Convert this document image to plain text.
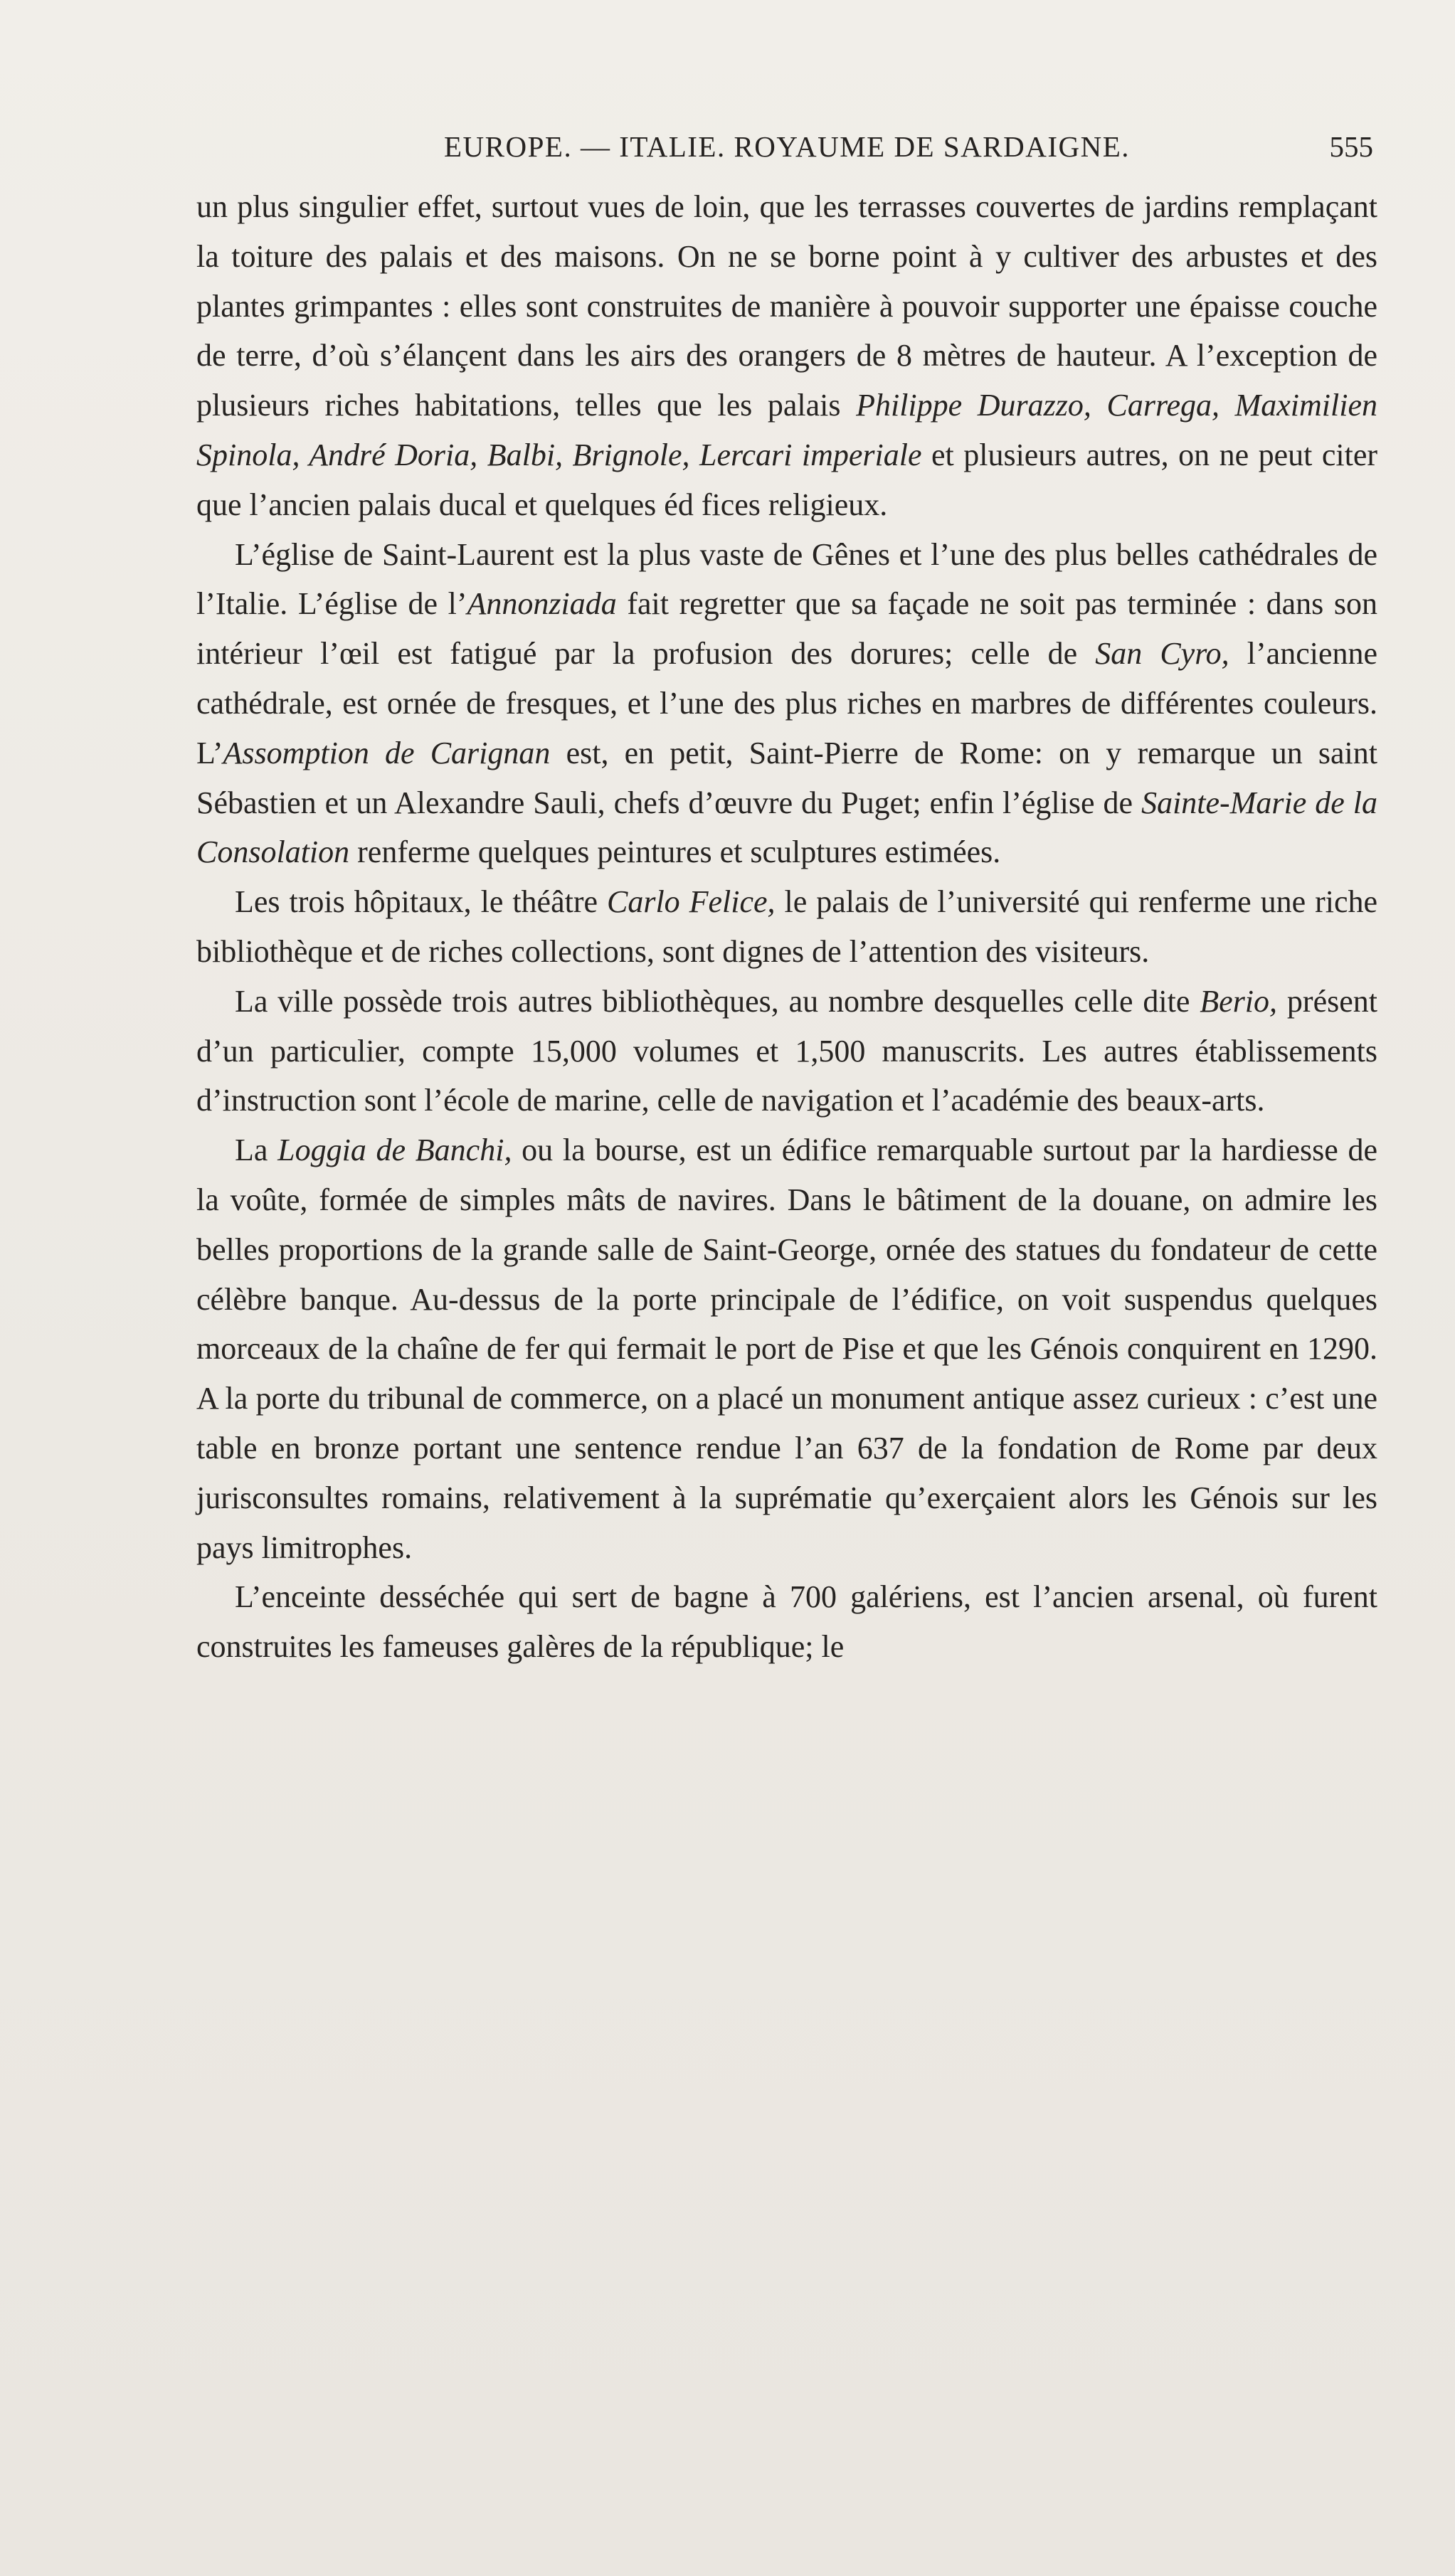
EUROPE. — ITALIE. ROYAUME DE SARDAIGNE.	555

un plus singulier effet, surtout vues de loin, que les terrasses couvertes de jardins remplaçant la toiture des palais et des maisons. On ne se borne point à y cultiver des arbustes et des plantes grimpantes : elles sont construites de manière à pouvoir supporter une épaisse couche de terre, d’où s’élançent dans les airs des orangers de 8 mètres de hauteur. A l’exception de plusieurs riches habitations, telles que les palais Philippe Durazzo, Carrega, Maximilien Spinola, André Doria, Balbi, Brignole, Lercari imperiale et plusieurs autres, on ne peut citer que l’ancien palais ducal et quelques éd fices religieux.

L’église de Saint-Laurent est la plus vaste de Gênes et l’une des plus belles cathédrales de l’Italie. L’église de l’Annonziada fait regretter que sa façade ne soit pas terminée : dans son intérieur l’œil est fatigué par la profusion des dorures; celle de San Cyro, l’ancienne cathédrale, est ornée de fresques, et l’une des plus riches en marbres de différentes couleurs. L’Assomption de Carignan est, en petit, Saint-Pierre de Rome: on y remarque un saint Sébastien et un Alexandre Sauli, chefs d’œuvre du Puget; enfin l’église de Sainte-Marie de la Consolation renferme quelques peintures et sculptures estimées.

Les trois hôpitaux, le théâtre Carlo Felice, le palais de l’université qui renferme une riche bibliothèque et de riches collections, sont dignes de l’attention des visiteurs.

La ville possède trois autres bibliothèques, au nombre desquelles celle dite Berio, présent d’un particulier, compte 15,000 volumes et 1,500 manuscrits. Les autres établissements d’instruction sont l’école de marine, celle de navigation et l’académie des beaux-arts.

La Loggia de Banchi, ou la bourse, est un édifice remarquable surtout par la hardiesse de la voûte, formée de simples mâts de navires. Dans le bâtiment de la douane, on admire les belles proportions de la grande salle de Saint-George, ornée des statues du fondateur de cette célèbre banque. Au-dessus de la porte principale de l’édifice, on voit suspendus quelques morceaux de la chaîne de fer qui fermait le port de Pise et que les Génois conquirent en 1290. A la porte du tribunal de commerce, on a placé un monument antique assez curieux : c’est une table en bronze portant une sentence rendue l’an 637 de la fondation de Rome par deux jurisconsultes romains, relativement à la suprématie qu’exerçaient alors les Génois sur les pays limitrophes.

L’enceinte desséchée qui sert de bagne à 700 galériens, est l’ancien arsenal, où furent construites les fameuses galères de la république; le
